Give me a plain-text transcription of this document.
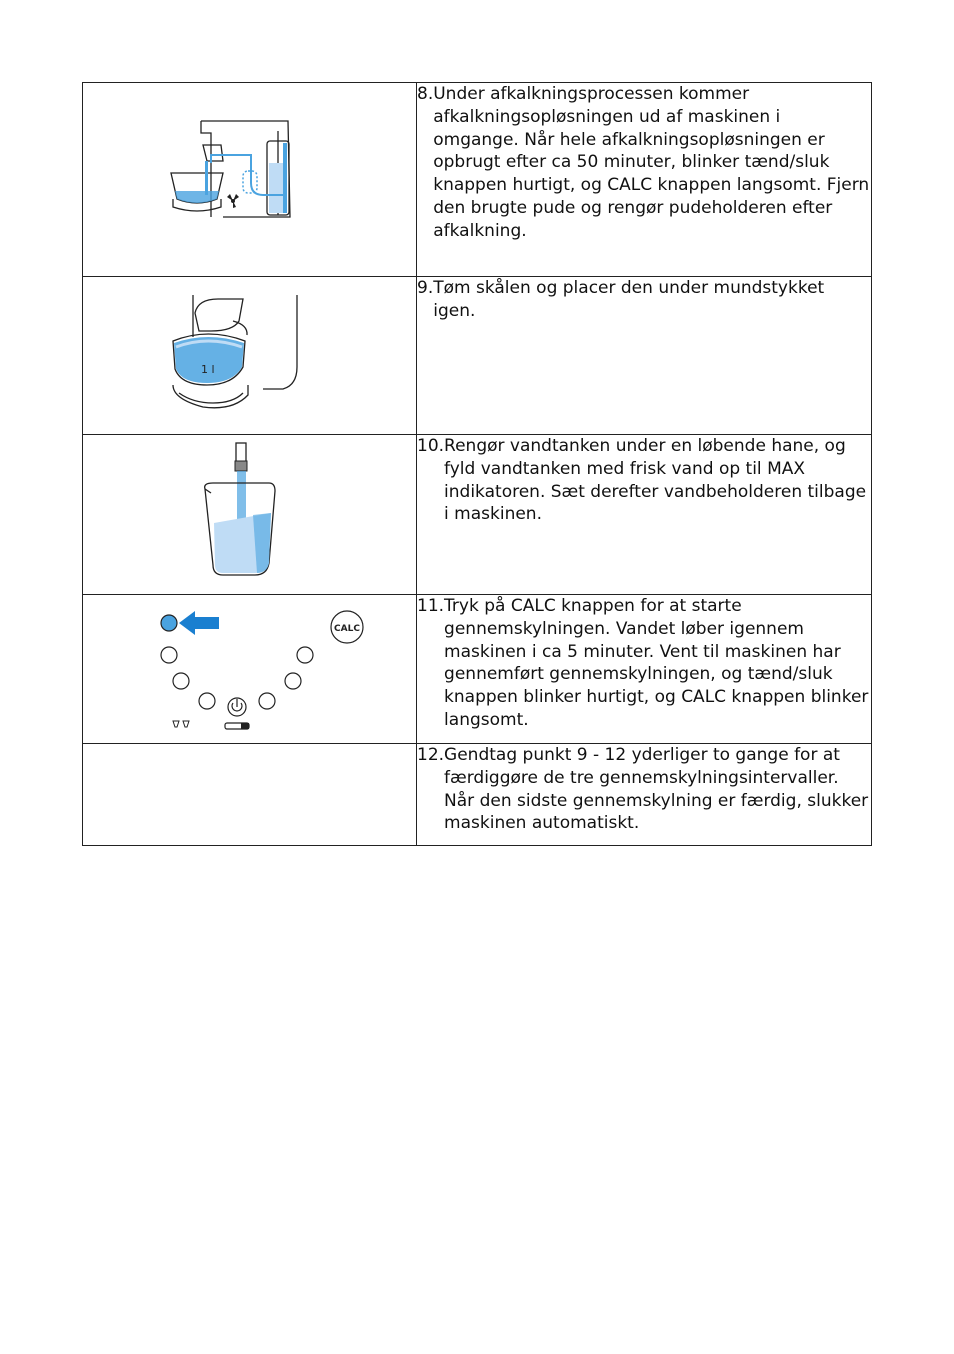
8. Under afkalkningsprocessen kommer afkalkningsopløsningen ud af maskinen i omgange. Når hele afkalkningsopløsningen er opbrugt efter ca 50 minuter, blinker tænd/sluk knappen hurtigt, og CALC knappen langsomt. Fjern den brugte pude og rengør pudeholderen efter afkalkning.

1 l	9. Tøm skålen og placer den under mundstykket igen.

10. Rengør vandtanken under en løbende hane, og fyld vandtanken med frisk vand op til MAX indikatoren. Sæt derefter vandbeholderen tilbage i maskinen.

CALC	11. Tryk på CALC knappen for at starte gennemskylningen. Vandet løber igennem maskinen i ca 5 minuter. Vent til maskinen har gennemført gennemskylningen, og tænd/sluk knappen blinker hurtigt, og CALC knappen blinker langsomt.

	12. Gendtag punkt 9 - 12 yderliger to gange for at færdiggøre de tre gennemskylningsintervaller. Når den sidste gennemskylning er færdig, slukker maskinen automatiskt.
